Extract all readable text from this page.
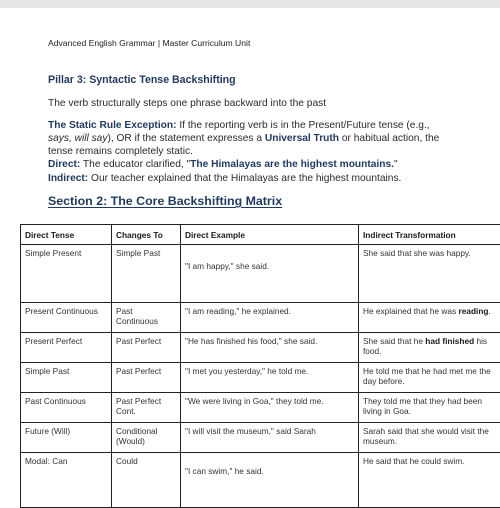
Advanced English Grammar | Master Curriculum Unit
Pillar 3: Syntactic Tense Backshifting
The verb structurally steps one phrase backward into the past
The Static Rule Exception: If the reporting verb is in the Present/Future tense (e.g.,
says, will say), OR if the statement expresses a Universal Truth or habitual action, the
tense remains completely static.
Direct: The educator clarified, "The Himalayas are the highest mountains."
Indirect: Our teacher explained that the Himalayas are the highest mountains.
Section 2: The Core Backshifting Matrix
Direct Tense	Changes To	Direct Example	Indirect Transformation
Simple Present	Simple Past	"I am happy," she said.	She said that she was happy.
Present Continuous	Past Continuous	"I am reading," he explained.	He explained that he was reading.
Present Perfect	Past Perfect	"He has finished his food," she said.	She said that he had finished his food.
Simple Past	Past Perfect	"I met you yesterday," he told me.	He told me that he had met me the day before.
Past Continuous	Past Perfect Cont.	"We were living in Goa," they told me.	They told me that they had been living in Goa.
Future (Will)	Conditional (Would)	"I will visit the museum," said Sarah	Sarah said that she would visit the museum.
Modal: Can	Could	"I can swim," he said.	He said that he could swim.
